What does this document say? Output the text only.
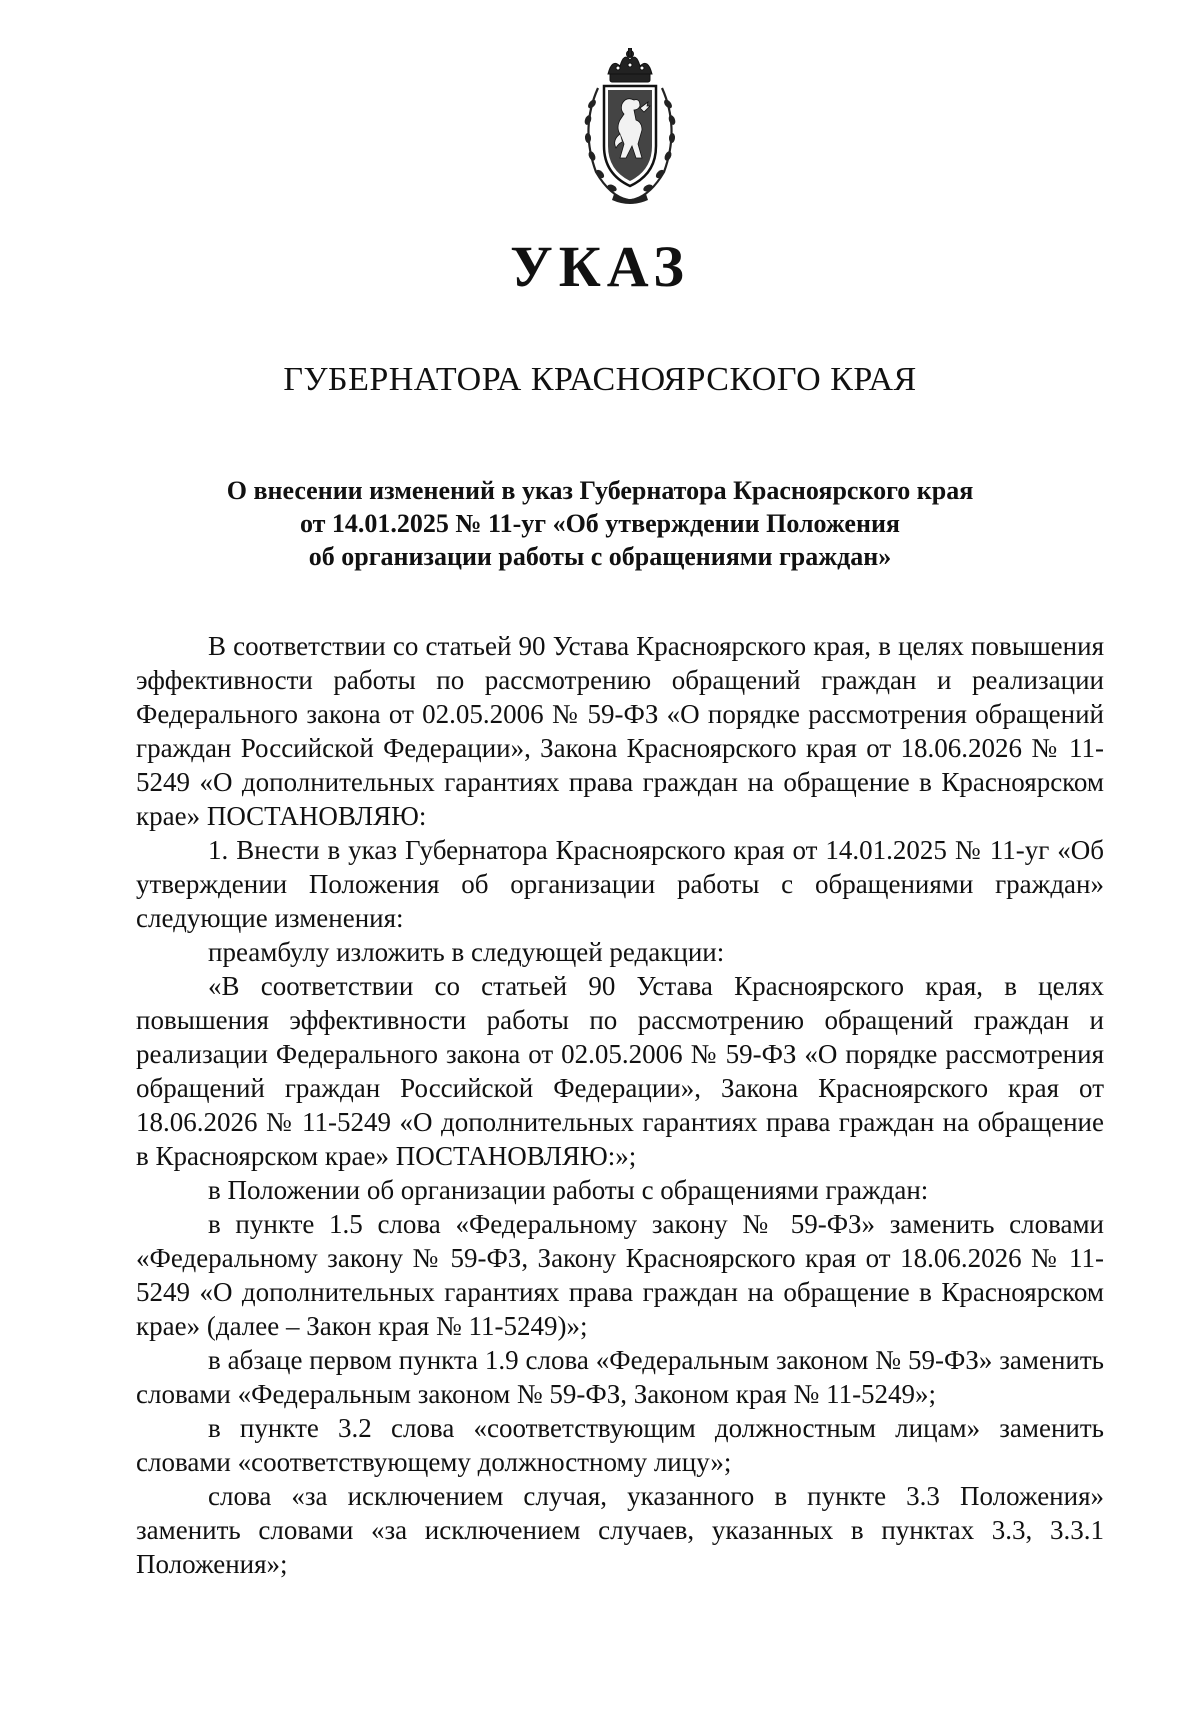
УКАЗ
ГУБЕРНАТОРА КРАСНОЯРСКОГО КРАЯ
О внесении изменений в указ Губернатора Красноярского края
от 14.01.2025 № 11-уг «Об утверждении Положения
об организации работы с обращениями граждан»

В соответствии со статьей 90 Устава Красноярского края, в целях повышения эффективности работы по рассмотрению обращений граждан и реализации Федерального закона от 02.05.2006 № 59-ФЗ «О порядке рассмотрения обращений граждан Российской Федерации», Закона Красноярского края от 18.06.2026 № 11-5249 «О дополнительных гарантиях права граждан на обращение в Красноярском крае» ПОСТАНОВЛЯЮ:

1. Внести в указ Губернатора Красноярского края от 14.01.2025 № 11-уг «Об утверждении Положения об организации работы с обращениями граждан» следующие изменения:

преамбулу изложить в следующей редакции:

«В соответствии со статьей 90 Устава Красноярского края, в целях повышения эффективности работы по рассмотрению обращений граждан и реализации Федерального закона от 02.05.2006 № 59-ФЗ «О порядке рассмотрения обращений граждан Российской Федерации», Закона Красноярского края от 18.06.2026 № 11-5249 «О дополнительных гарантиях права граждан на обращение в Красноярском крае» ПОСТАНОВЛЯЮ:»;

в Положении об организации работы с обращениями граждан:

в пункте 1.5 слова «Федеральному закону № 59-ФЗ» заменить словами «Федеральному закону № 59-ФЗ, Закону Красноярского края от 18.06.2026 № 11-5249 «О дополнительных гарантиях права граждан на обращение в Красноярском крае» (далее – Закон края № 11-5249)»;

в абзаце первом пункта 1.9 слова «Федеральным законом № 59-ФЗ» заменить словами «Федеральным законом № 59-ФЗ, Законом края № 11-5249»;

в пункте 3.2 слова «соответствующим должностным лицам» заменить словами «соответствующему должностному лицу»;

слова «за исключением случая, указанного в пункте 3.3 Положения» заменить словами «за исключением случаев, указанных в пунктах 3.3, 3.3.1 Положения»;
